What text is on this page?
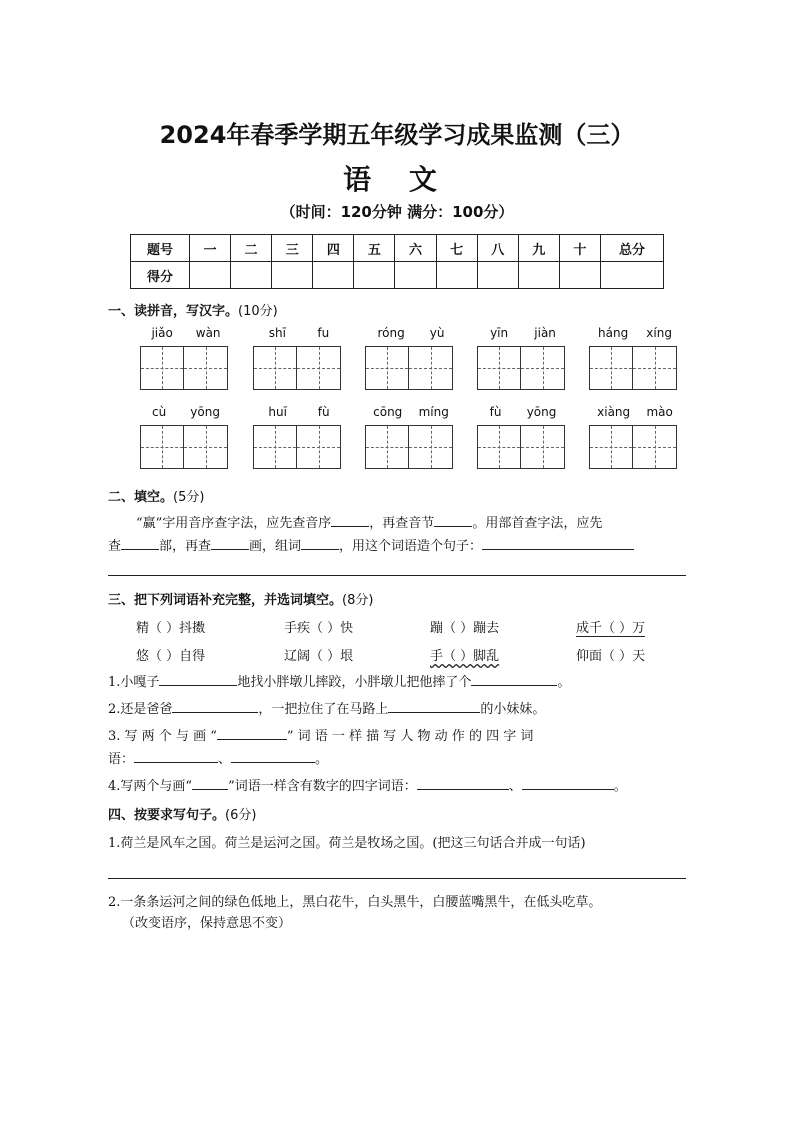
2024年春季学期五年级学习成果监测（三）
语 文
（时间：120分钟 满分：100分）
题号	一	二	三	四	五	六	七	八	九	十	总分
得分											
一、读拼音，写汉字。(10分)
jiǎo wàn	shī	fu	róng yù	yīn jiàn	háng xíng
cù yōng	huī	fù	cōng míng	fù yōng	xiàng mào
二、填空。(5分)
“赢”字用音序查字法，应先查音序	，再查音节	。用部首查字法，应先
查	部，再查	画，组词	，用这个词语造个句子：
三、把下列词语补充完整，并选词填空。(8分)
精（ ）抖擞	手疾（ ）快	蹦（ ）蹦去	成千（ ）万
悠（ ）自得	辽阔（ ）垠	手（ ）脚乱	仰面（ ）天
1.小嘎子	地找小胖墩儿摔跤，小胖墩儿把他摔了个	。
2.还是爸爸	，一把拉住了在马路上	的小妹妹。
3. 写 两 个 与 画 “	” 词 语 一 样 描 写 人 物 动 作 的 四 字 词
语：	、	。
4.写两个与画“	”词语一样含有数字的四字词语：	、	。
四、按要求写句子。(6分)
1.荷兰是风车之国。荷兰是运河之国。荷兰是牧场之国。(把这三句话合并成一句话)
2.一条条运河之间的绿色低地上，黑白花牛，白头黑牛，白腰蓝嘴黑牛，在低头吃草。
（改变语序，保持意思不变）
